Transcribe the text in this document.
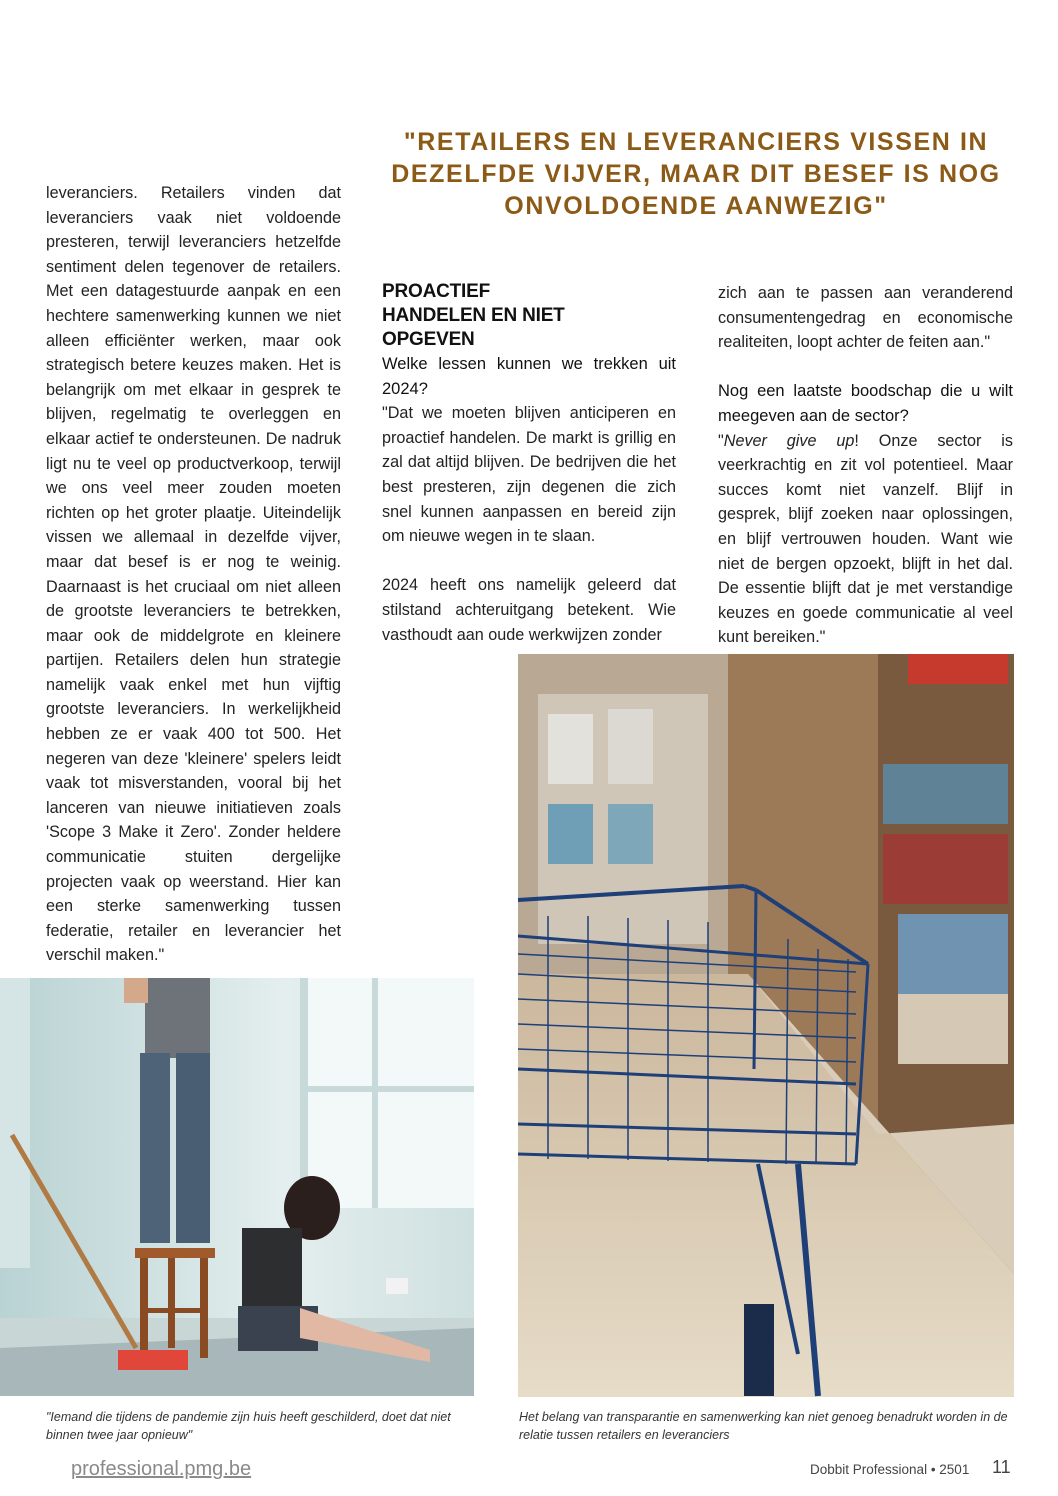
"RETAILERS EN LEVERANCIERS VISSEN IN DEZELFDE VIJVER, MAAR DIT BESEF IS NOG ONVOLDOENDE AANWEZIG"

leveranciers. Retailers vinden dat leveranciers vaak niet voldoende presteren, terwijl leveranciers hetzelfde sentiment delen tegenover de retailers. Met een datagestuurde aanpak en een hechtere samenwerking kunnen we niet alleen efficiënter werken, maar ook strategisch betere keuzes maken. Het is belangrijk om met elkaar in gesprek te blijven, regelmatig te overleggen en elkaar actief te ondersteunen. De nadruk ligt nu te veel op productverkoop, terwijl we ons veel meer zouden moeten richten op het groter plaatje. Uiteindelijk vissen we allemaal in dezelfde vijver, maar dat besef is er nog te weinig. Daarnaast is het cruciaal om niet alleen de grootste leveranciers te betrekken, maar ook de middelgrote en kleinere partijen. Retailers delen hun strategie namelijk vaak enkel met hun vijftig grootste leveranciers. In werkelijkheid hebben ze er vaak 400 tot 500. Het negeren van deze 'kleinere' spelers leidt vaak tot misverstanden, vooral bij het lanceren van nieuwe initiatieven zoals 'Scope 3 Make it Zero'. Zonder heldere communicatie stuiten dergelijke projecten vaak op weerstand. Hier kan een sterke samenwerking tussen federatie, retailer en leverancier het verschil maken."

PROACTIEF HANDELEN EN NIET OPGEVEN

Welke lessen kunnen we trekken uit 2024?

"Dat we moeten blijven anticiperen en proactief handelen. De markt is grillig en zal dat altijd blijven. De bedrijven die het best presteren, zijn degenen die zich snel kunnen aanpassen en bereid zijn om nieuwe wegen in te slaan.

2024 heeft ons namelijk geleerd dat stilstand achteruitgang betekent. Wie vasthoudt aan oude werkwijzen zonder

zich aan te passen aan veranderend consumentengedrag en economische realiteiten, loopt achter de feiten aan."

Nog een laatste boodschap die u wilt meegeven aan de sector?

"Never give up! Onze sector is veerkrachtig en zit vol potentieel. Maar succes komt niet vanzelf. Blijf in gesprek, blijf zoeken naar oplossingen, en blijf vertrouwen houden. Want wie niet de bergen opzoekt, blijft in het dal. De essentie blijft dat je met verstandige keuzes en goede communicatie al veel kunt bereiken."

"Iemand die tijdens de pandemie zijn huis heeft geschilderd, doet dat niet binnen twee jaar opnieuw"
Het belang van transparantie en samenwerking kan niet genoeg benadrukt worden in de relatie tussen retailers en leveranciers
professional.pmg.be	Dobbit Professional • 2501 11
